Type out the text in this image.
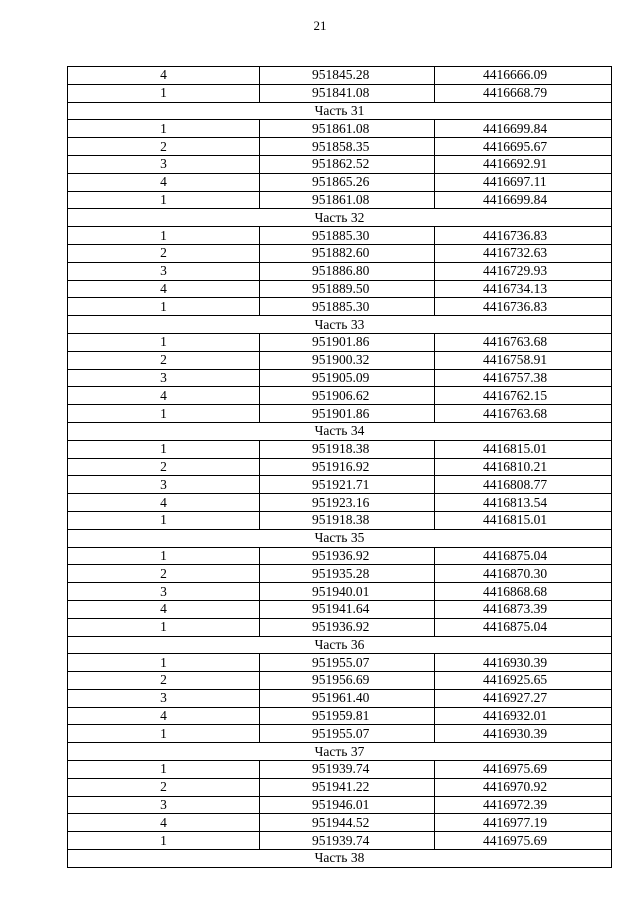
21
4	951845.28	4416666.09
1	951841.08	4416668.79
Часть 31		
1	951861.08	4416699.84
2	951858.35	4416695.67
3	951862.52	4416692.91
4	951865.26	4416697.11
1	951861.08	4416699.84
Часть 32		
1	951885.30	4416736.83
2	951882.60	4416732.63
3	951886.80	4416729.93
4	951889.50	4416734.13
1	951885.30	4416736.83
Часть 33		
1	951901.86	4416763.68
2	951900.32	4416758.91
3	951905.09	4416757.38
4	951906.62	4416762.15
1	951901.86	4416763.68
Часть 34		
1	951918.38	4416815.01
2	951916.92	4416810.21
3	951921.71	4416808.77
4	951923.16	4416813.54
1	951918.38	4416815.01
Часть 35		
1	951936.92	4416875.04
2	951935.28	4416870.30
3	951940.01	4416868.68
4	951941.64	4416873.39
1	951936.92	4416875.04
Часть 36		
1	951955.07	4416930.39
2	951956.69	4416925.65
3	951961.40	4416927.27
4	951959.81	4416932.01
1	951955.07	4416930.39
Часть 37		
1	951939.74	4416975.69
2	951941.22	4416970.92
3	951946.01	4416972.39
4	951944.52	4416977.19
1	951939.74	4416975.69
Часть 38		
